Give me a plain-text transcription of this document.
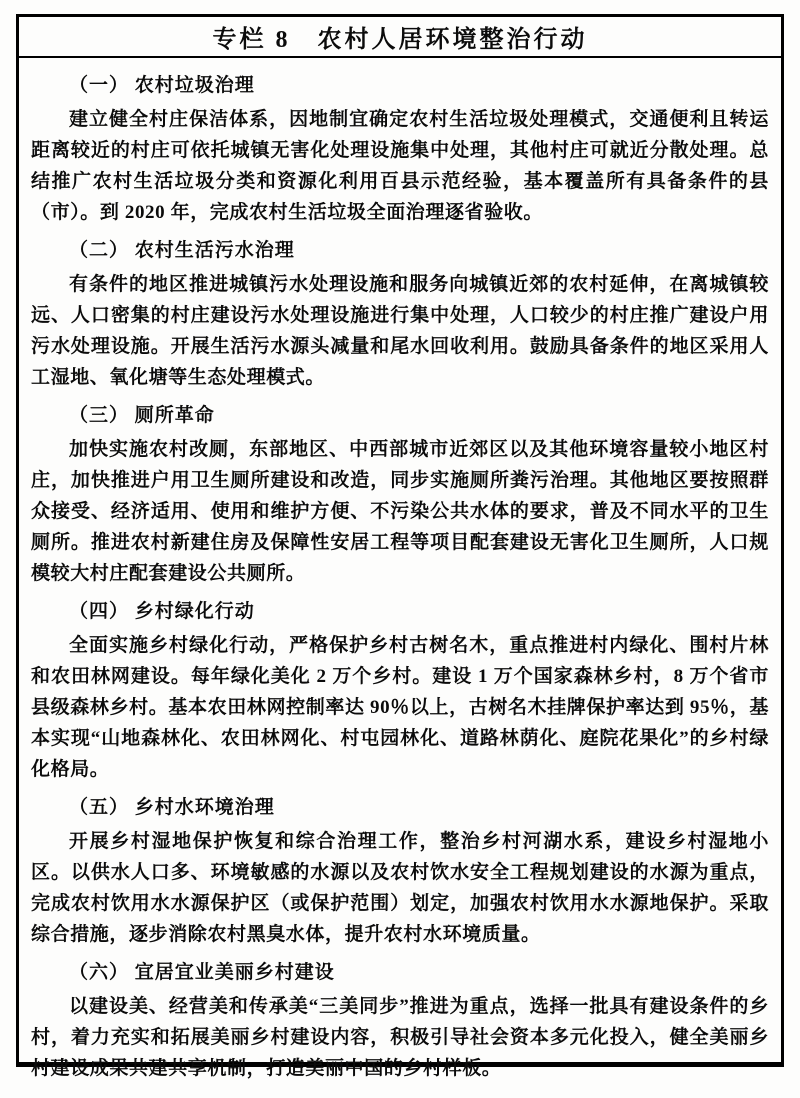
专栏 8　农村人居环境整治行动
（一） 农村垃圾治理

建立健全村庄保洁体系，因地制宜确定农村生活垃圾处理模式，交通便利且转运距离较近的村庄可依托城镇无害化处理设施集中处理，其他村庄可就近分散处理。总结推广农村生活垃圾分类和资源化利用百县示范经验，基本覆盖所有具备条件的县（市）。到 2020 年，完成农村生活垃圾全面治理逐省验收。

（二） 农村生活污水治理

有条件的地区推进城镇污水处理设施和服务向城镇近郊的农村延伸，在离城镇较远、人口密集的村庄建设污水处理设施进行集中处理，人口较少的村庄推广建设户用污水处理设施。开展生活污水源头减量和尾水回收利用。鼓励具备条件的地区采用人工湿地、氧化塘等生态处理模式。

（三） 厕所革命

加快实施农村改厕，东部地区、中西部城市近郊区以及其他环境容量较小地区村庄，加快推进户用卫生厕所建设和改造，同步实施厕所粪污治理。其他地区要按照群众接受、经济适用、使用和维护方便、不污染公共水体的要求，普及不同水平的卫生厕所。推进农村新建住房及保障性安居工程等项目配套建设无害化卫生厕所，人口规模较大村庄配套建设公共厕所。

（四） 乡村绿化行动

全面实施乡村绿化行动，严格保护乡村古树名木，重点推进村内绿化、围村片林和农田林网建设。每年绿化美化 2 万个乡村。建设 1 万个国家森林乡村，8 万个省市县级森林乡村。基本农田林网控制率达 90％以上，古树名木挂牌保护率达到 95％，基本实现“山地森林化、农田林网化、村屯园林化、道路林荫化、庭院花果化”的乡村绿化格局。

（五） 乡村水环境治理

开展乡村湿地保护恢复和综合治理工作，整治乡村河湖水系，建设乡村湿地小区。以供水人口多、环境敏感的水源以及农村饮水安全工程规划建设的水源为重点，完成农村饮用水水源保护区（或保护范围）划定，加强农村饮用水水源地保护。采取综合措施，逐步消除农村黑臭水体，提升农村水环境质量。

（六） 宜居宜业美丽乡村建设

以建设美、经营美和传承美“三美同步”推进为重点，选择一批具有建设条件的乡村，着力充实和拓展美丽乡村建设内容，积极引导社会资本多元化投入，健全美丽乡村建设成果共建共享机制，打造美丽中国的乡村样板。
